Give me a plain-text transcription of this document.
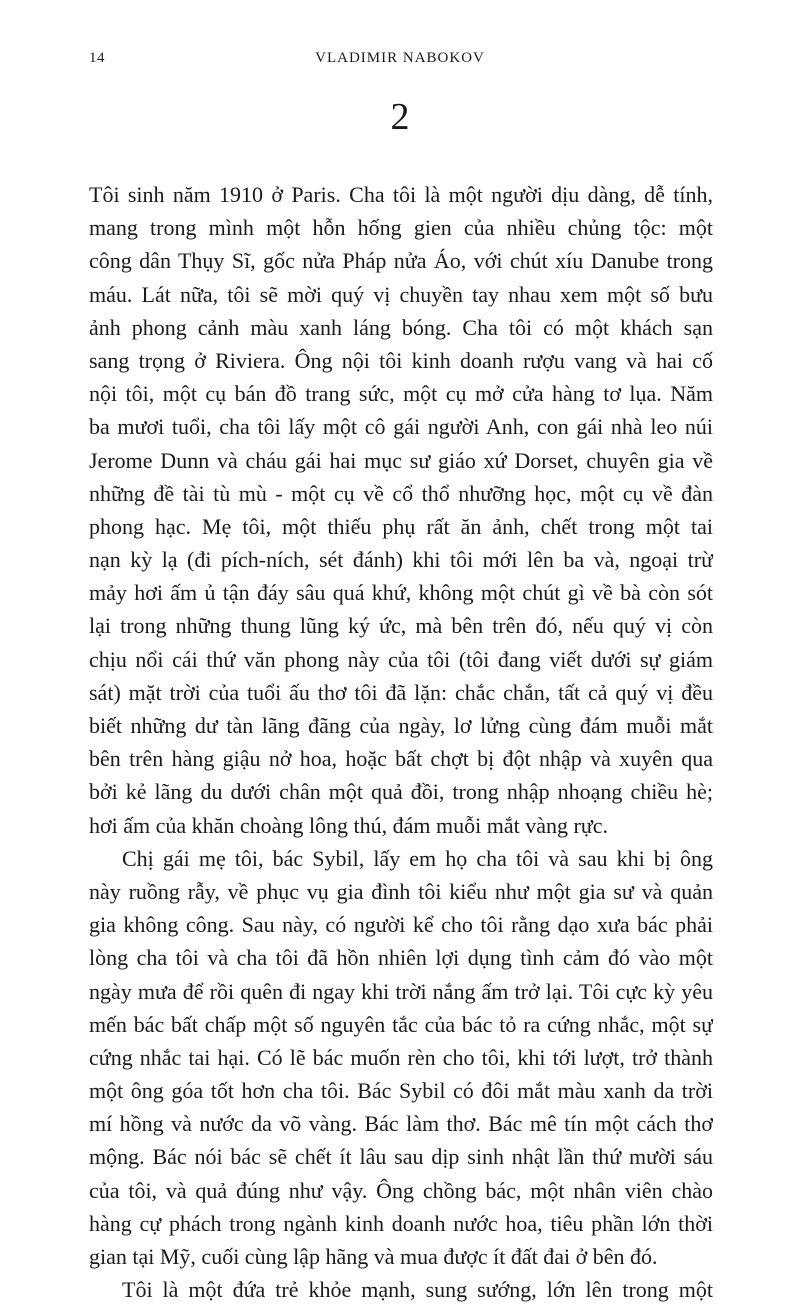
14	VLADIMIR NABOKOV
2

Tôi sinh năm 1910 ở Paris. Cha tôi là một người dịu dàng, dễ tính,
mang trong mình một hỗn hống gien của nhiều chủng tộc: một
công dân Thụy Sĩ, gốc nửa Pháp nửa Áo, với chút xíu Danube trong
máu. Lát nữa, tôi sẽ mời quý vị chuyền tay nhau xem một số bưu
ảnh phong cảnh màu xanh láng bóng. Cha tôi có một khách sạn
sang trọng ở Riviera. Ông nội tôi kinh doanh rượu vang và hai cố
nội tôi, một cụ bán đồ trang sức, một cụ mở cửa hàng tơ lụa. Năm
ba mươi tuổi, cha tôi lấy một cô gái người Anh, con gái nhà leo núi
Jerome Dunn và cháu gái hai mục sư giáo xứ Dorset, chuyên gia về
những đề tài tù mù - một cụ về cổ thổ nhưỡng học, một cụ về đàn
phong hạc. Mẹ tôi, một thiếu phụ rất ăn ảnh, chết trong một tai
nạn kỳ lạ (đi pích-ních, sét đánh) khi tôi mới lên ba và, ngoại trừ
mảy hơi ấm ủ tận đáy sâu quá khứ, không một chút gì về bà còn sót
lại trong những thung lũng ký ức, mà bên trên đó, nếu quý vị còn
chịu nổi cái thứ văn phong này của tôi (tôi đang viết dưới sự giám
sát) mặt trời của tuổi ấu thơ tôi đã lặn: chắc chắn, tất cả quý vị đều
biết những dư tàn lãng đãng của ngày, lơ lửng cùng đám muỗi mắt
bên trên hàng giậu nở hoa, hoặc bất chợt bị đột nhập và xuyên qua
bởi kẻ lãng du dưới chân một quả đồi, trong nhập nhoạng chiều hè;
hơi ấm của khăn choàng lông thú, đám muỗi mắt vàng rực.

Chị gái mẹ tôi, bác Sybil, lấy em họ cha tôi và sau khi bị ông
này ruồng rẫy, về phục vụ gia đình tôi kiểu như một gia sư và quản
gia không công. Sau này, có người kể cho tôi rằng dạo xưa bác phải
lòng cha tôi và cha tôi đã hồn nhiên lợi dụng tình cảm đó vào một
ngày mưa để rồi quên đi ngay khi trời nắng ấm trở lại. Tôi cực kỳ yêu
mến bác bất chấp một số nguyên tắc của bác tỏ ra cứng nhắc, một sự
cứng nhắc tai hại. Có lẽ bác muốn rèn cho tôi, khi tới lượt, trở thành
một ông góa tốt hơn cha tôi. Bác Sybil có đôi mắt màu xanh da trời
mí hồng và nước da võ vàng. Bác làm thơ. Bác mê tín một cách thơ
mộng. Bác nói bác sẽ chết ít lâu sau dịp sinh nhật lần thứ mười sáu
của tôi, và quả đúng như vậy. Ông chồng bác, một nhân viên chào
hàng cự phách trong ngành kinh doanh nước hoa, tiêu phần lớn thời
gian tại Mỹ, cuối cùng lập hãng và mua được ít đất đai ở bên đó.

Tôi là một đứa trẻ khỏe mạnh, sung sướng, lớn lên trong một
